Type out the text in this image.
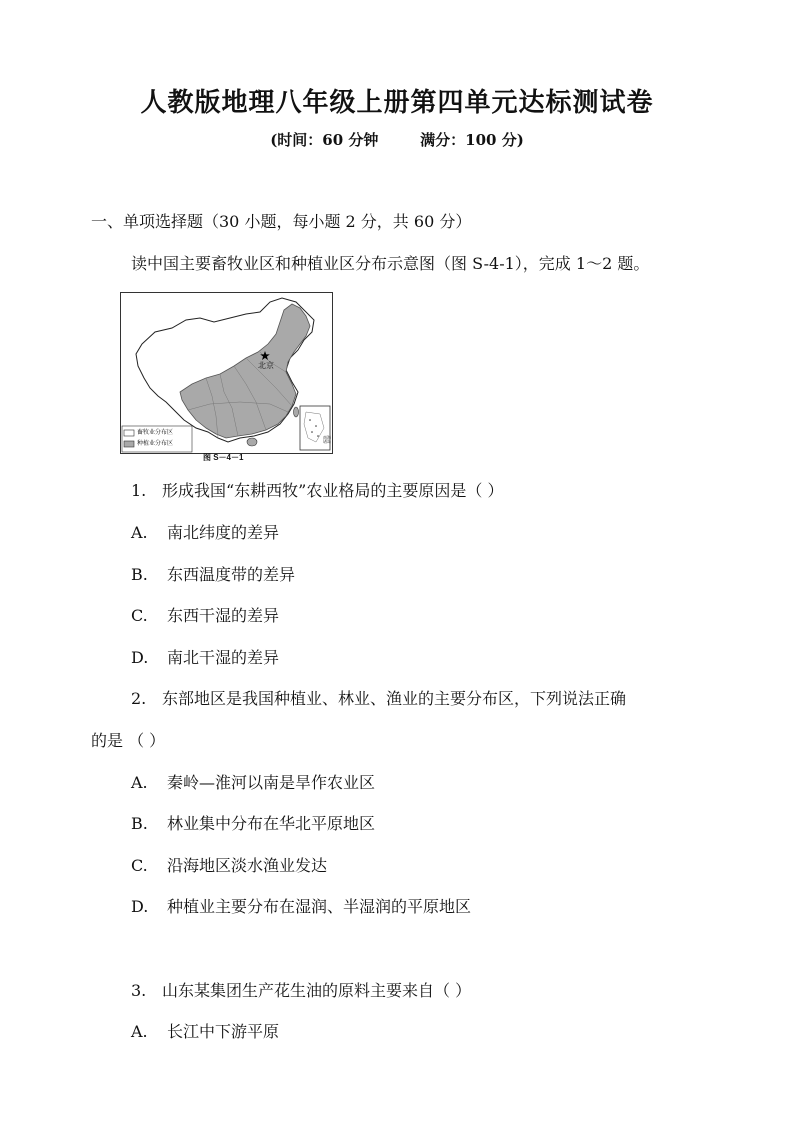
人教版地理八年级上册第四单元达标测试卷
(时间：60 分钟        满分：100 分)
一、单项选择题（30 小题，每小题 2 分，共 60 分）
读中国主要畜牧业区和种植业区分布示意图（图 S-4-1），完成 1～2 题。
北京
畜牧业分布区
种植业分布区
南海诸岛
图 S－4－1
1. 形成我国“东耕西牧”农业格局的主要原因是（ ）
A. 南北纬度的差异
B. 东西温度带的差异
C. 东西干湿的差异
D. 南北干湿的差异
2. 东部地区是我国种植业、林业、渔业的主要分布区，下列说法正确
的是 （ ）
A. 秦岭—淮河以南是旱作农业区
B. 林业集中分布在华北平原地区
C. 沿海地区淡水渔业发达
D. 种植业主要分布在湿润、半湿润的平原地区
3. 山东某集团生产花生油的原料主要来自（ ）
A. 长江中下游平原
